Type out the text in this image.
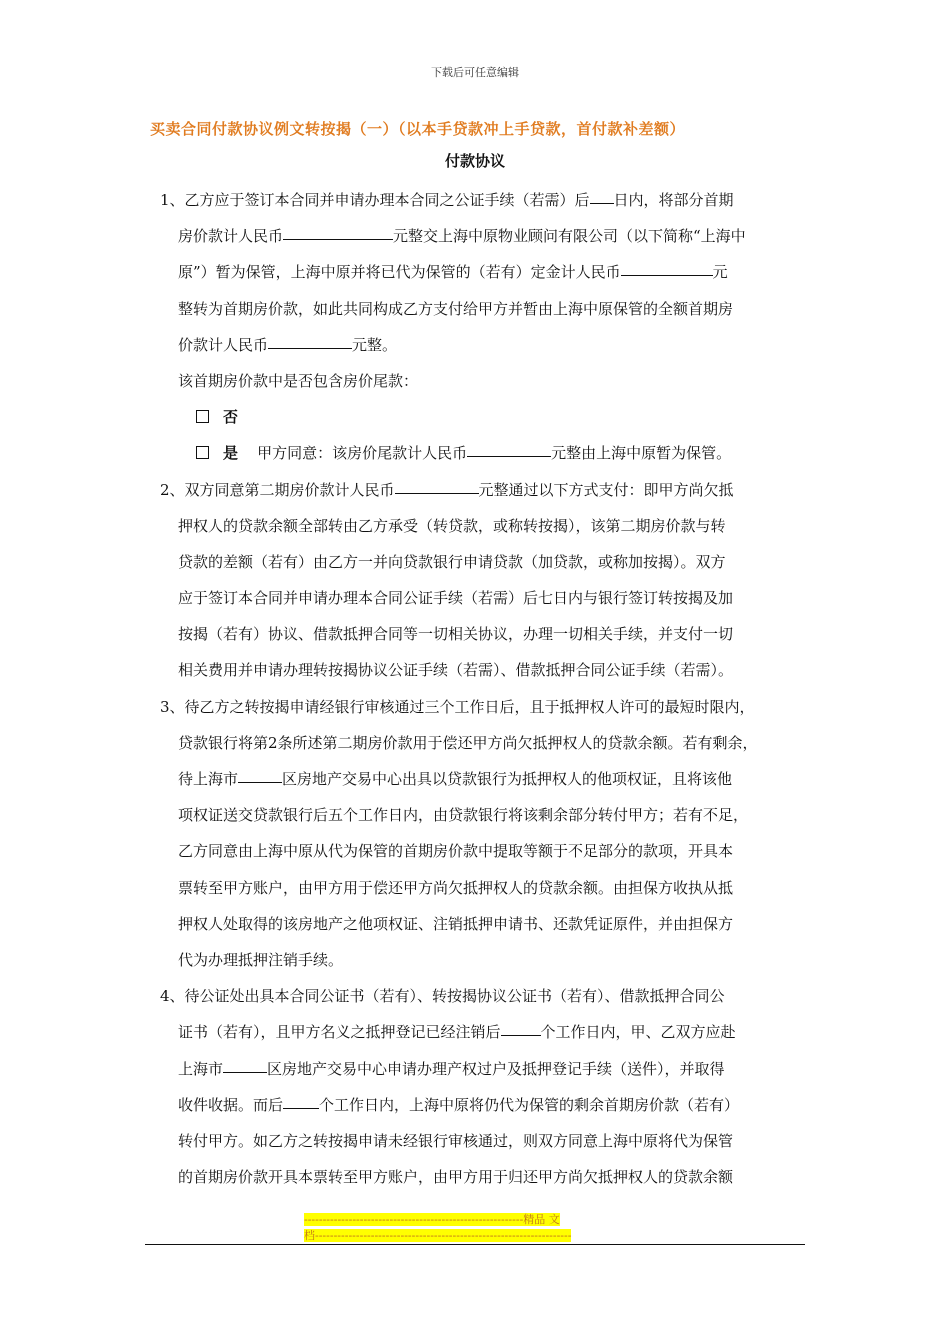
下载后可任意编辑
买卖合同付款协议例文转按揭（一）（以本手贷款冲上手贷款，首付款补差额）
付款协议
1、乙方应于签订本合同并申请办理本合同之公证手续（若需）后 日内，将部分首期
房价款计人民币	元整交上海中原物业顾问有限公司（以下简称“上海中
原”）暂为保管，上海中原并将已代为保管的（若有）定金计人民币	元
整转为首期房价款，如此共同构成乙方支付给甲方并暂由上海中原保管的全额首期房
价款计人民币	元整。
该首期房价款中是否包含房价尾款：
否
是 甲方同意：该房价尾款计人民币	元整由上海中原暂为保管。
2、双方同意第二期房价款计人民币	元整通过以下方式支付：即甲方尚欠抵
押权人的贷款余额全部转由乙方承受（转贷款，或称转按揭），该第二期房价款与转
贷款的差额（若有）由乙方一并向贷款银行申请贷款（加贷款，或称加按揭）。双方
应于签订本合同并申请办理本合同公证手续（若需）后七日内与银行签订转按揭及加
按揭（若有）协议、借款抵押合同等一切相关协议，办理一切相关手续，并支付一切
相关费用并申请办理转按揭协议公证手续（若需）、借款抵押合同公证手续（若需）。
3、待乙方之转按揭申请经银行审核通过三个工作日后，且于抵押权人许可的最短时限内，
贷款银行将第2条所述第二期房价款用于偿还甲方尚欠抵押权人的贷款余额。若有剩余，
待上海市	区房地产交易中心出具以贷款银行为抵押权人的他项权证，且将该他
项权证送交贷款银行后五个工作日内，由贷款银行将该剩余部分转付甲方；若有不足，
乙方同意由上海中原从代为保管的首期房价款中提取等额于不足部分的款项，开具本
票转至甲方账户，由甲方用于偿还甲方尚欠抵押权人的贷款余额。由担保方收执从抵
押权人处取得的该房地产之他项权证、注销抵押申请书、还款凭证原件，并由担保方
代为办理抵押注销手续。
4、待公证处出具本合同公证书（若有）、转按揭协议公证书（若有）、借款抵押合同公
证书（若有），且甲方名义之抵押登记已经注销后	个工作日内，甲、乙双方应赴
上海市	区房地产交易中心申请办理产权过户及抵押登记手续（送件），并取得
收件收据。而后 个工作日内，上海中原将仍代为保管的剩余首期房价款（若有）
转付甲方。如乙方之转按揭申请未经银行审核通过，则双方同意上海中原将代为保管
的首期房价款开具本票转至甲方账户，由甲方用于归还甲方尚欠抵押权人的贷款余额
-----------------------------------------------------------精品 文
档---------------------------------------------------------------------
